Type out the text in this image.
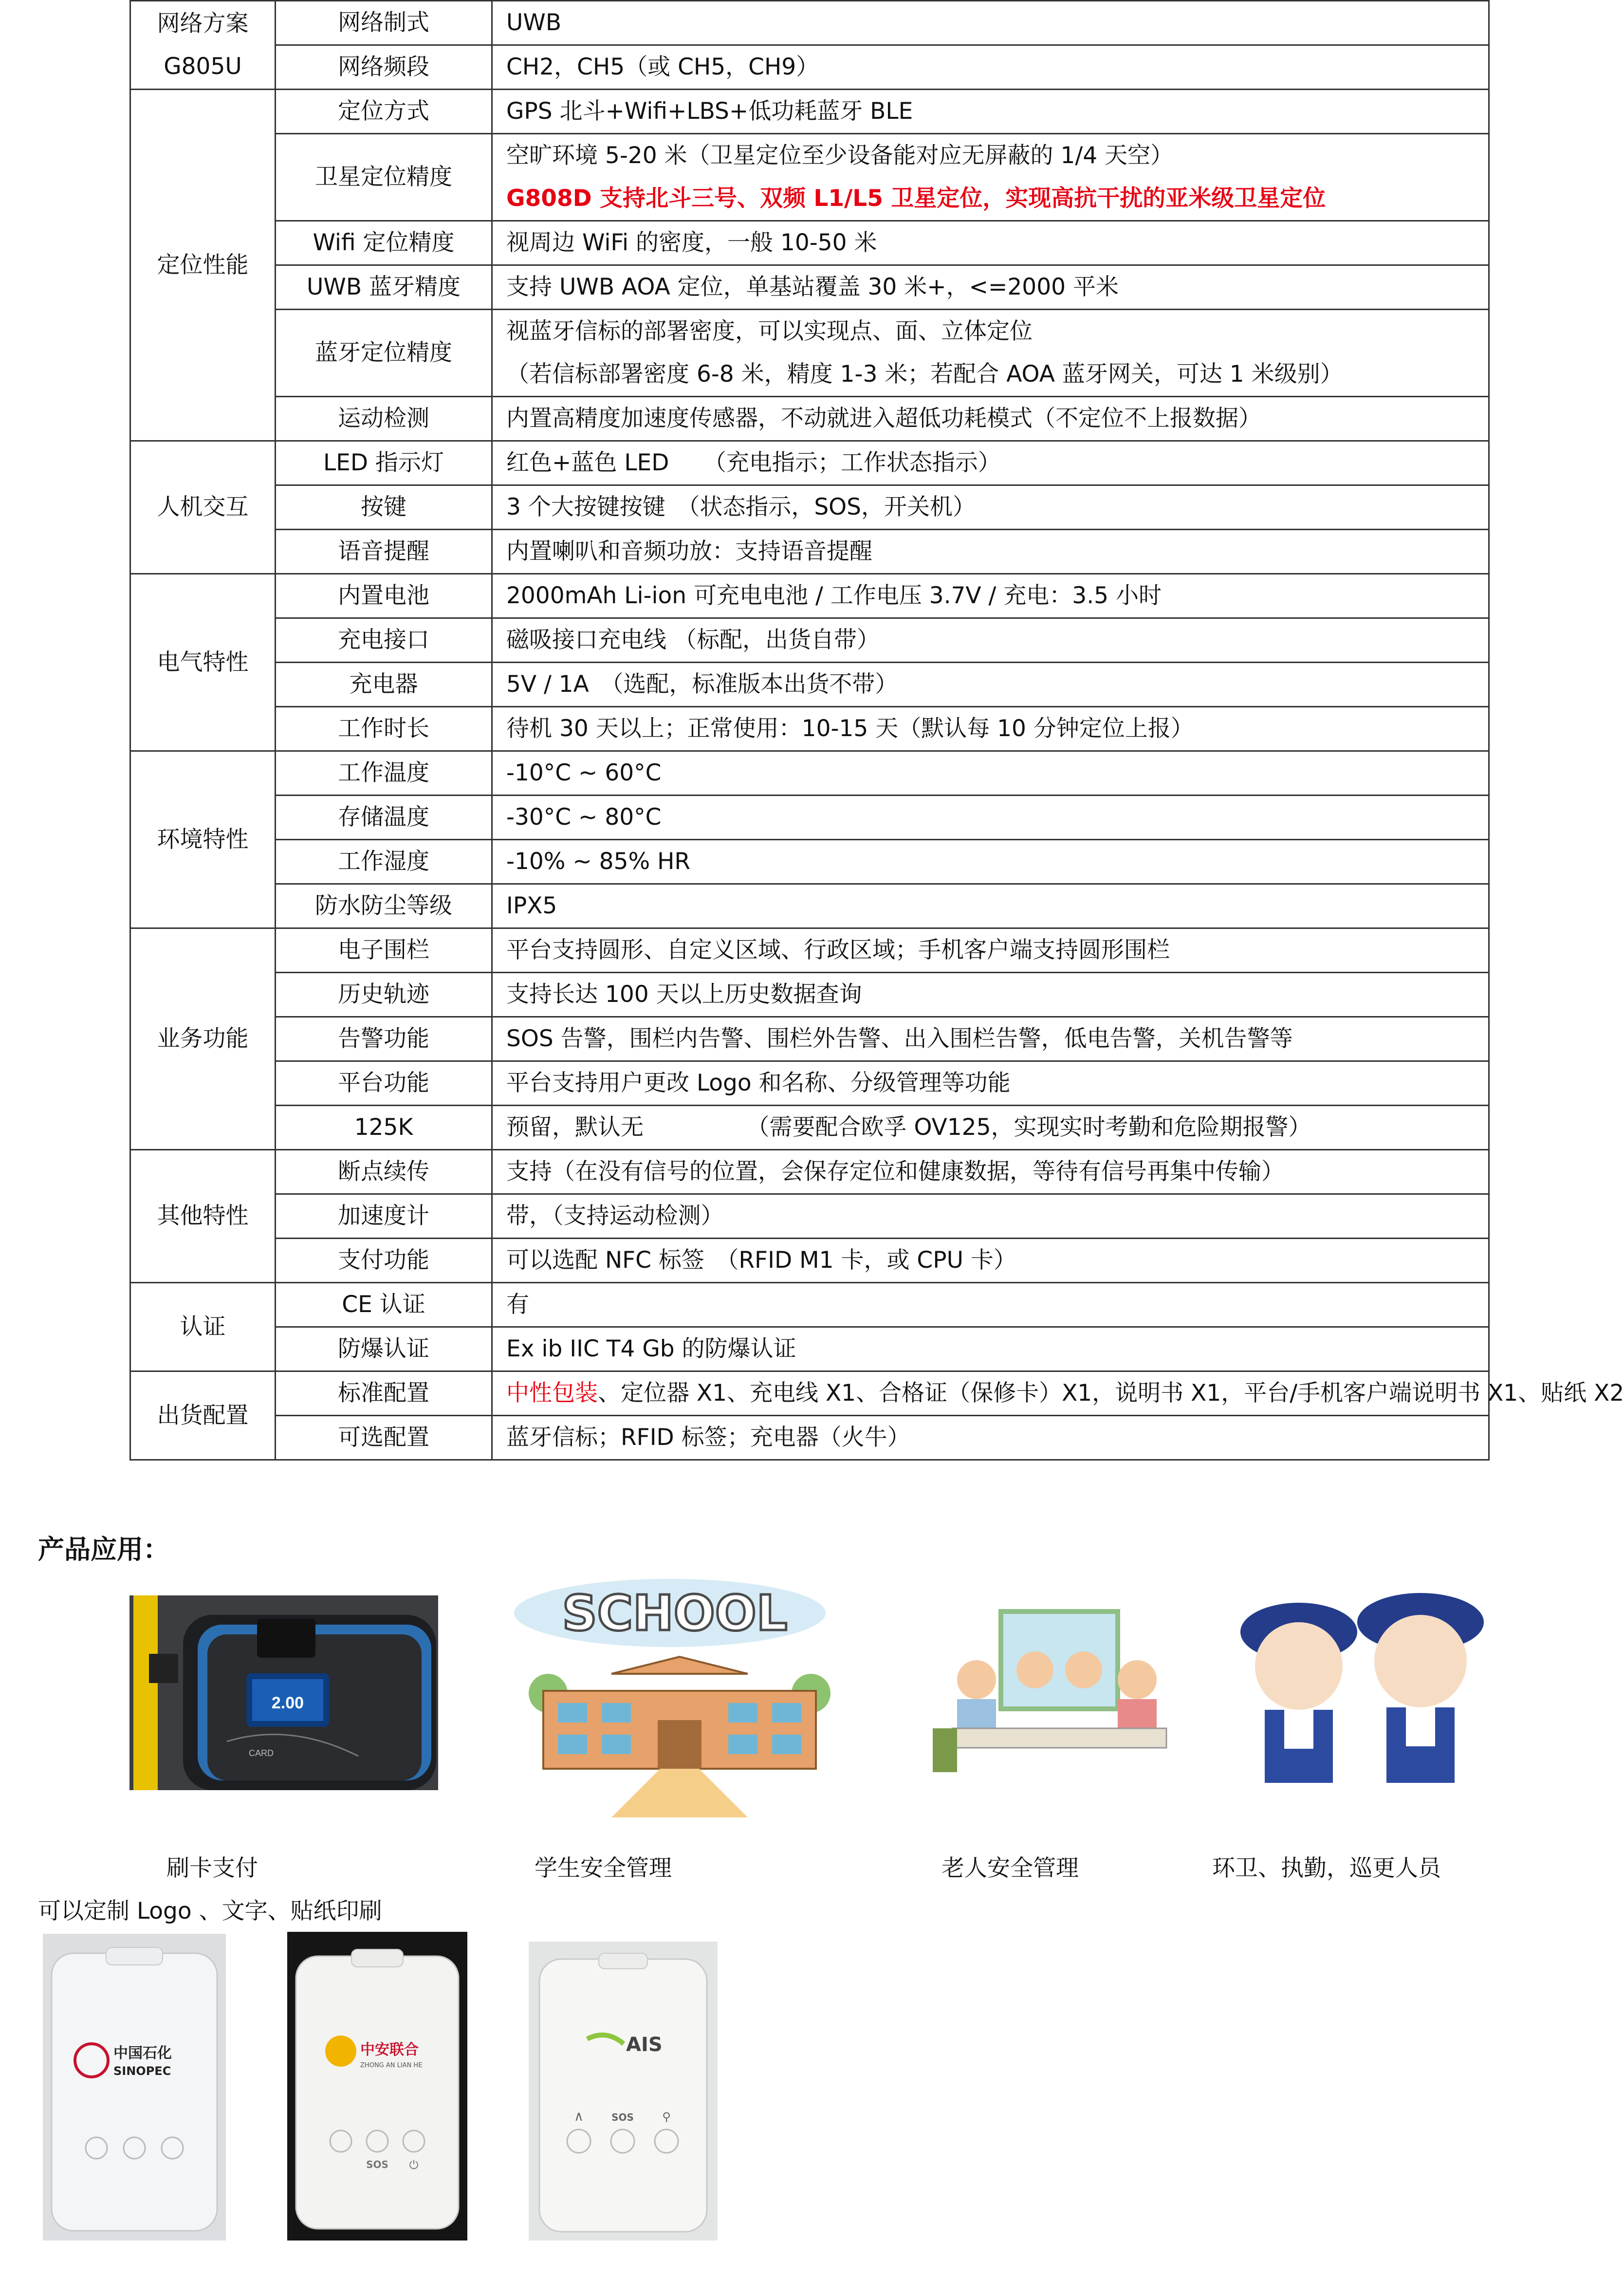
网络方案
G805U	网络制式	UWB

	网络频段	CH2，CH5（或 CH5，CH9）

定位性能	定位方式	GPS 北斗+Wifi+LBS+低功耗蓝牙 BLE

	卫星定位精度	空旷环境 5-20 米（卫星定位至少设备能对应无屏蔽的 1/4 天空）
G808D 支持北斗三号、双频 L1/L5 卫星定位，实现高抗干扰的亚米级卫星定位

	Wifi 定位精度	视周边 WiFi 的密度，一般 10-50 米

	UWB 蓝牙精度	支持 UWB AOA 定位，单基站覆盖 30 米+，<=2000 平米

	蓝牙定位精度	视蓝牙信标的部署密度，可以实现点、面、立体定位
（若信标部署密度 6-8 米，精度 1-3 米；若配合 AOA 蓝牙网关，可达 1 米级别）

	运动检测	内置高精度加速度传感器，不动就进入超低功耗模式（不定位不上报数据）

人机交互	LED 指示灯	红色+蓝色 LED　　（充电指示；工作状态指示）

	按键	3 个大按键按键　（状态指示，SOS，开关机）

	语音提醒	内置喇叭和音频功放：支持语音提醒

电气特性	内置电池	2000mAh Li-ion 可充电电池 / 工作电压 3.7V / 充电：3.5 小时

	充电接口	磁吸接口充电线 （标配，出货自带）

	充电器	5V / 1A　（选配，标准版本出货不带）

	工作时长	待机 30 天以上；正常使用：10-15 天（默认每 10 分钟定位上报）

环境特性	工作温度	-10°C ~ 60°C

	存储温度	-30°C ~ 80°C

	工作湿度	-10% ~ 85% HR

	防水防尘等级	IPX5

业务功能	电子围栏	平台支持圆形、自定义区域、行政区域；手机客户端支持圆形围栏

	历史轨迹	支持长达 100 天以上历史数据查询

	告警功能	SOS 告警，围栏内告警、围栏外告警、出入围栏告警，低电告警，关机告警等

	平台功能	平台支持用户更改 Logo 和名称、分级管理等功能

	125K	预留，默认无　　　　　（需要配合欧孚 OV125，实现实时考勤和危险期报警）

其他特性	断点续传	支持（在没有信号的位置，会保存定位和健康数据，等待有信号再集中传输）

	加速度计	带，（支持运动检测）

	支付功能	可以选配 NFC 标签　（RFID M1 卡，或 CPU 卡）

认证	CE 认证	有

	防爆认证	Ex ib IIC T4 Gb 的防爆认证

出货配置	标准配置	中性包装、定位器 X1、充电线 X1、合格证（保修卡）X1，说明书 X1，平台/手机客户端说明书 X1、贴纸 X2

	可选配置	蓝牙信标；RFID 标签；充电器（火牛）
产品应用：
2.00
CARD
SCHOOL
刷卡支付	学生安全管理	老人安全管理	环卫、执勤，巡更人员
可以定制 Logo 、文字、贴纸印刷
中国石化
SINOPEC
中安联合
ZHONG AN LIAN HE
SOS ⏻
AIS
∧	SOS ⚲
